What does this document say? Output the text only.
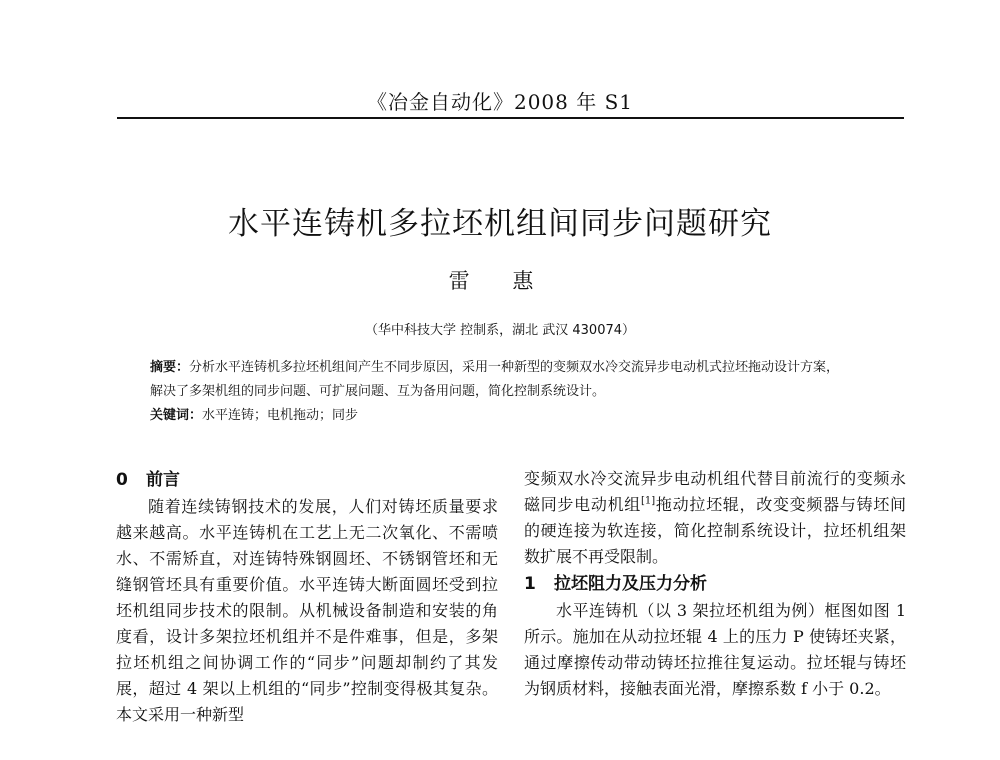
《冶金自动化》2008 年 S1
水平连铸机多拉坯机组间同步问题研究
雷 惠
（华中科技大学 控制系，湖北 武汉 430074）
摘要：分析水平连铸机多拉坯机组间产生不同步原因，采用一种新型的变频双水冷交流异步电动机式拉坯拖动设计方案，解决了多架机组的同步问题、可扩展问题、互为备用问题，简化控制系统设计。
关键词：水平连铸；电机拖动；同步
0 前言

随着连续铸钢技术的发展，人们对铸坯质量要求越来越高。水平连铸机在工艺上无二次氧化、不需喷水、不需矫直，对连铸特殊钢圆坯、不锈钢管坯和无缝钢管坯具有重要价值。水平连铸大断面圆坯受到拉坯机组同步技术的限制。从机械设备制造和安装的角度看，设计多架拉坯机组并不是件难事，但是，多架拉坯机组之间协调工作的“同步”问题却制约了其发展，超过 4 架以上机组的“同步”控制变得极其复杂。本文采用一种新型

变频双水冷交流异步电动机组代替目前流行的变频永磁同步电动机组[1]拖动拉坯辊，改变变频器与铸坯间的硬连接为软连接，简化控制系统设计，拉坯机组架数扩展不再受限制。

1 拉坯阻力及压力分析

水平连铸机（以 3 架拉坯机组为例）框图如图 1 所示。施加在从动拉坯辊 4 上的压力 P 使铸坯夹紧，通过摩擦传动带动铸坯拉推往复运动。拉坯辊与铸坯为钢质材料，接触表面光滑，摩擦系数 f 小于 0.2。
